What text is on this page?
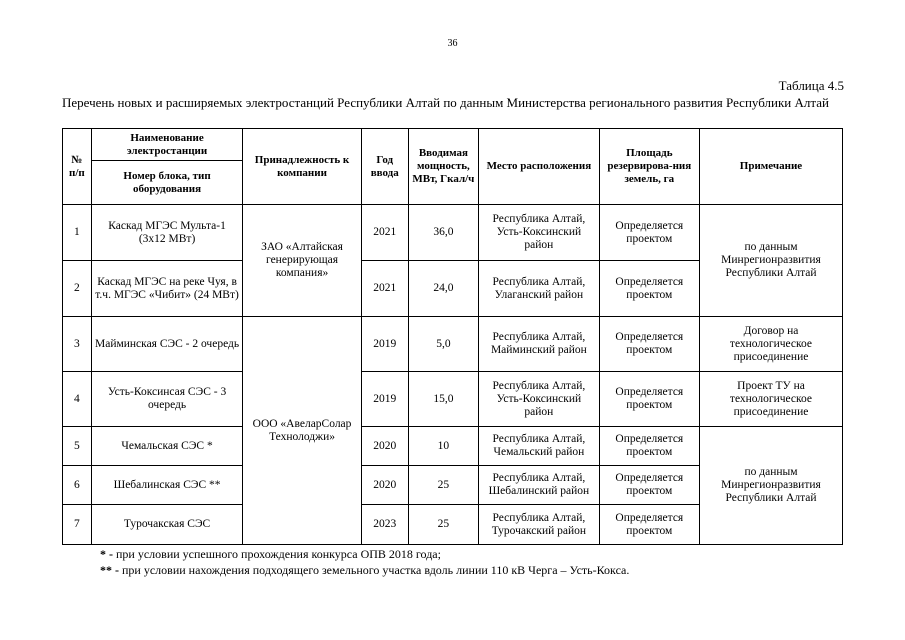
36
Таблица 4.5
Перечень новых и расширяемых электростанций Республики Алтай по данным Министерства регионального развития Республики Алтай
№ п/п	Наименование электростанции	Принадлежность к компании	Год ввода	Вводимая мощность, МВт, Гкал/ч	Место расположения	Площадь резервирова-ния земель, га	Примечание
	Номер блока, тип оборудования						
1	Каскад МГЭС Мульта-1 (3х12 МВт)	ЗАО «Алтайская генерирующая компания»	2021	36,0	Республика Алтай, Усть-Коксинский район	Определяется проектом	по данным Минрегионразвития Республики Алтай
2	Каскад МГЭС на реке Чуя, в т.ч. МГЭС «Чибит» (24 МВт)		2021	24,0	Республика Алтай, Улаганский район	Определяется проектом	
3	Майминская СЭС - 2 очередь	ООО «АвеларСолар Технолоджи»	2019	5,0	Республика Алтай, Майминский район	Определяется проектом	Договор на технологическое присоединение
4	Усть-Коксинсая СЭС - 3 очередь		2019	15,0	Республика Алтай, Усть-Коксинский район	Определяется проектом	Проект ТУ на технологическое присоединение
5	Чемальская СЭС *		2020	10	Республика Алтай, Чемальский район	Определяется проектом	по данным Минрегионразвития Республики Алтай
6	Шебалинская СЭС **		2020	25	Республика Алтай, Шебалинский район	Определяется проектом	
7	Турочакская СЭС		2023	25	Республика Алтай, Турочакский район	Определяется проектом	
* - при условии успешного прохождения конкурса ОПВ 2018 года;
** - при условии нахождения подходящего земельного участка вдоль линии 110 кВ Черга – Усть-Кокса.
